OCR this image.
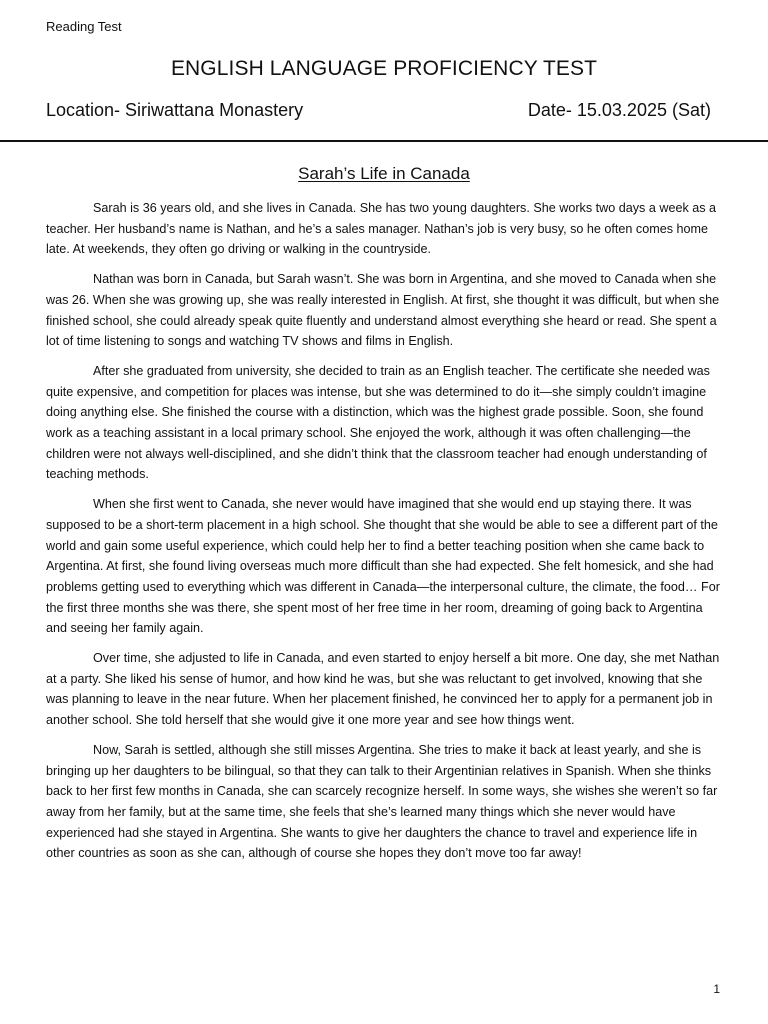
Reading Test
ENGLISH LANGUAGE PROFICIENCY TEST
Location- Siriwattana Monastery	Date- 15.03.2025 (Sat)
Sarah’s Life in Canada

Sarah is 36 years old, and she lives in Canada. She has two young daughters. She works two days a week as a teacher. Her husband’s name is Nathan, and he’s a sales manager. Nathan’s job is very busy, so he often comes home late. At weekends, they often go driving or walking in the countryside.

Nathan was born in Canada, but Sarah wasn’t. She was born in Argentina, and she moved to Canada when she was 26. When she was growing up, she was really interested in English. At first, she thought it was difficult, but when she finished school, she could already speak quite fluently and understand almost everything she heard or read. She spent a lot of time listening to songs and watching TV shows and films in English.

After she graduated from university, she decided to train as an English teacher. The certificate she needed was quite expensive, and competition for places was intense, but she was determined to do it—she simply couldn’t imagine doing anything else. She finished the course with a distinction, which was the highest grade possible. Soon, she found work as a teaching assistant in a local primary school. She enjoyed the work, although it was often challenging—the children were not always well-disciplined, and she didn’t think that the classroom teacher had enough understanding of teaching methods.

When she first went to Canada, she never would have imagined that she would end up staying there. It was supposed to be a short-term placement in a high school. She thought that she would be able to see a different part of the world and gain some useful experience, which could help her to find a better teaching position when she came back to Argentina. At first, she found living overseas much more difficult than she had expected. She felt homesick, and she had problems getting used to everything which was different in Canada—the interpersonal culture, the climate, the food… For the first three months she was there, she spent most of her free time in her room, dreaming of going back to Argentina and seeing her family again.

Over time, she adjusted to life in Canada, and even started to enjoy herself a bit more. One day, she met Nathan at a party. She liked his sense of humor, and how kind he was, but she was reluctant to get involved, knowing that she was planning to leave in the near future. When her placement finished, he convinced her to apply for a permanent job in another school. She told herself that she would give it one more year and see how things went.

Now, Sarah is settled, although she still misses Argentina. She tries to make it back at least yearly, and she is bringing up her daughters to be bilingual, so that they can talk to their Argentinian relatives in Spanish. When she thinks back to her first few months in Canada, she can scarcely recognize herself. In some ways, she wishes she weren’t so far away from her family, but at the same time, she feels that she’s learned many things which she never would have experienced had she stayed in Argentina. She wants to give her daughters the chance to travel and experience life in other countries as soon as she can, although of course she hopes they don’t move too far away!

1
